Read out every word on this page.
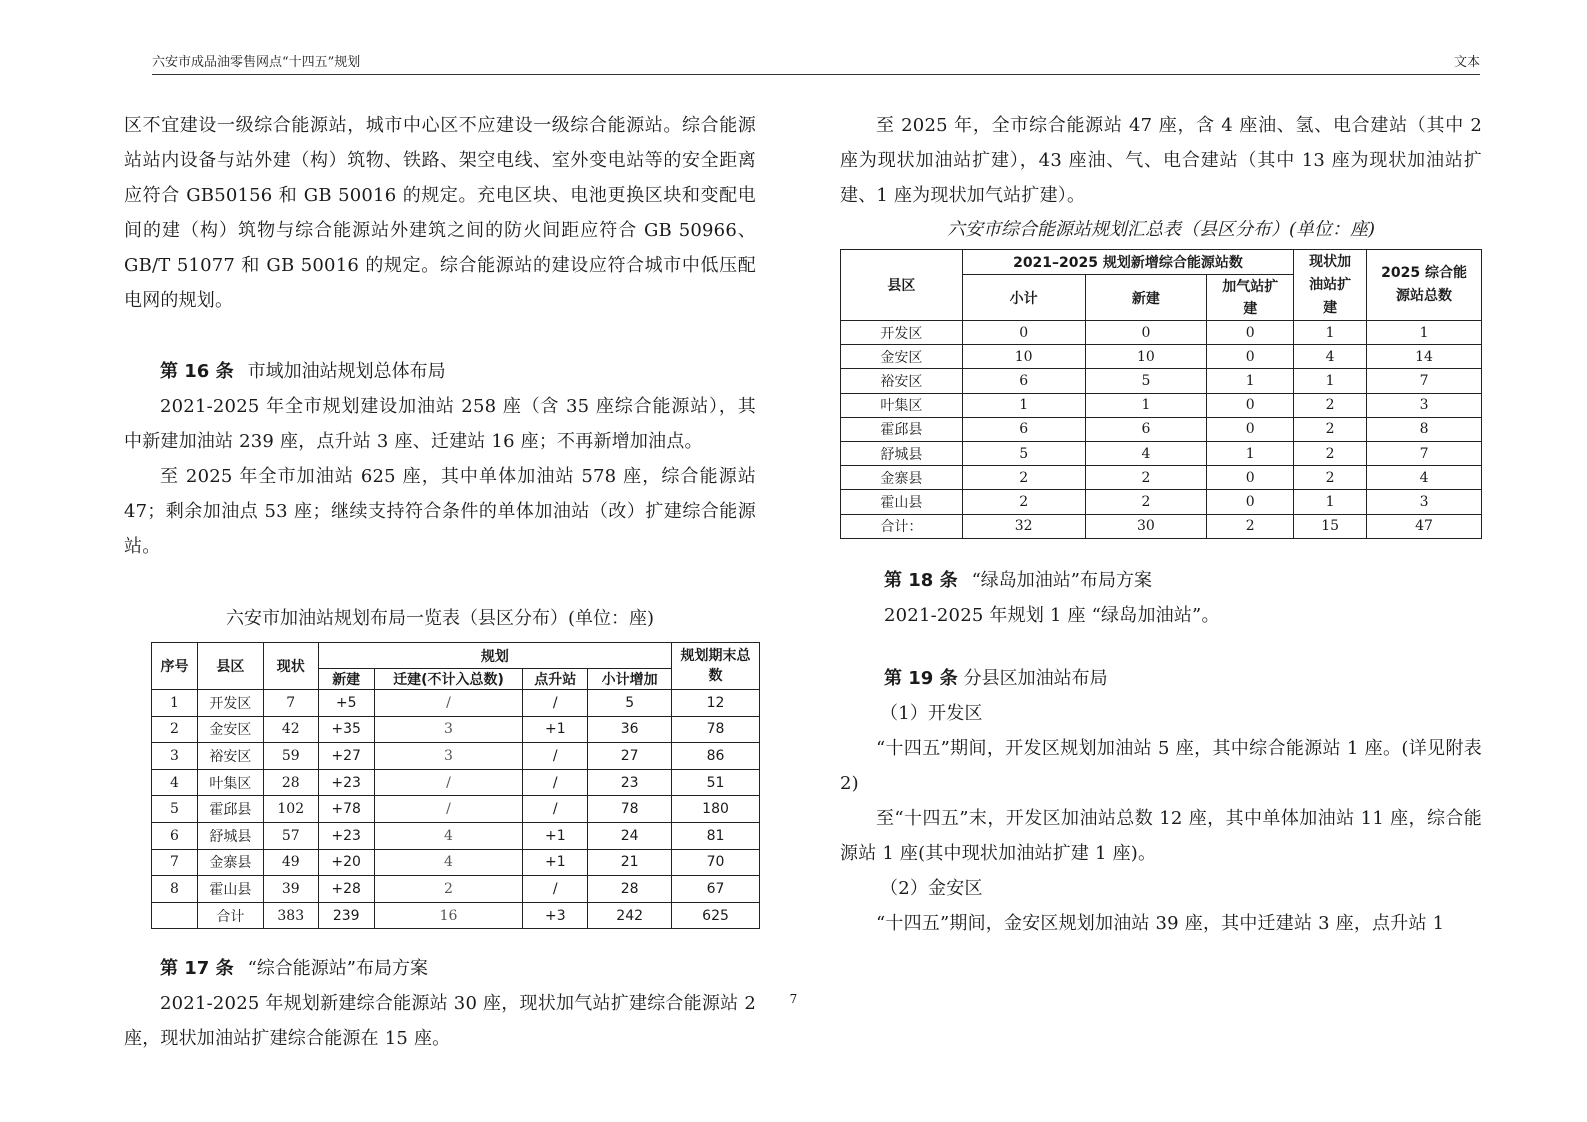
六安市成品油零售网点“十四五”规划	文本

区不宜建设一级综合能源站，城市中心区不应建设一级综合能源站。综合能源站站内设备与站外建（构）筑物、铁路、架空电线、室外变电站等的安全距离应符合 GB50156 和 GB 50016 的规定。充电区块、电池更换区块和变配电间的建（构）筑物与综合能源站外建筑之间的防火间距应符合 GB 50966、GB/T 51077 和 GB 50016 的规定。综合能源站的建设应符合城市中低压配电网的规划。

第 16 条 市域加油站规划总体布局

2021-2025 年全市规划建设加油站 258 座（含 35 座综合能源站），其中新建加油站 239 座，点升站 3 座、迁建站 16 座；不再新增加油点。

至 2025 年全市加油站 625 座，其中单体加油站 578 座，综合能源站 47；剩余加油点 53 座；继续支持符合条件的单体加油站（改）扩建综合能源站。

六安市加油站规划布局一览表（县区分布）(单位：座)
序号	县区	现状	规划				规划期末总数
			新建	迁建(不计入总数)	点升站	小计增加	
1	开发区	7	+5	/	/	5	12
2	金安区	42	+35	3	+1	36	78
3	裕安区	59	+27	3	/	27	86
4	叶集区	28	+23	/	/	23	51
5	霍邱县	102	+78	/	/	78	180
6	舒城县	57	+23	4	+1	24	81
7	金寨县	49	+20	4	+1	21	70
8	霍山县	39	+28	2	/	28	67
	合计	383	239	16	+3	242	625
第 17 条 “综合能源站”布局方案

2021-2025 年规划新建综合能源站 30 座，现状加气站扩建综合能源站 2 座，现状加油站扩建综合能源在 15 座。

至 2025 年，全市综合能源站 47 座，含 4 座油、氢、电合建站（其中 2 座为现状加油站扩建），43 座油、气、电合建站（其中 13 座为现状加油站扩建、1 座为现状加气站扩建）。

六安市综合能源站规划汇总表（县区分布）(单位：座)
县区	2021–2025 规划新增综合能源站数			现状加油站扩建	2025 综合能源站总数
	小计	新建	加气站扩建		
开发区	0	0	0	1	1
金安区	10	10	0	4	14
裕安区	6	5	1	1	7
叶集区	1	1	0	2	3
霍邱县	6	6	0	2	8
舒城县	5	4	1	2	7
金寨县	2	2	0	2	4
霍山县	2	2	0	1	3
合计：	32	30	2	15	47
第 18 条 “绿岛加油站”布局方案

2021-2025 年规划 1 座 “绿岛加油站”。

第 19 条 分县区加油站布局

（1）开发区

“十四五”期间，开发区规划加油站 5 座，其中综合能源站 1 座。(详见附表 2)

至“十四五”末，开发区加油站总数 12 座，其中单体加油站 11 座，综合能源站 1 座(其中现状加油站扩建 1 座)。

（2）金安区

“十四五”期间，金安区规划加油站 39 座，其中迁建站 3 座，点升站 1

7
